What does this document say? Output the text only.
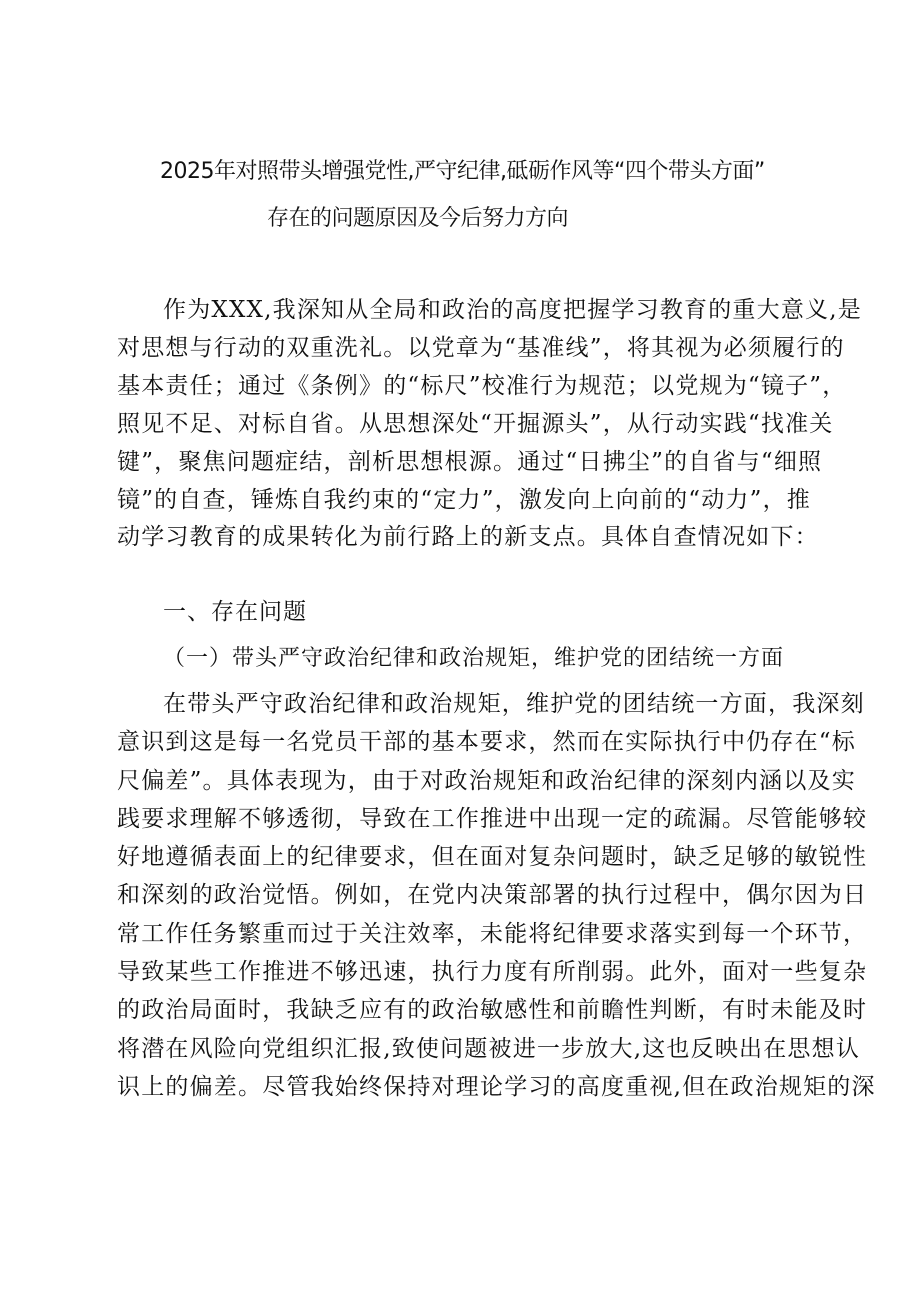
2025年对照带头增强党性,严守纪律,砥砺作风等“四个带头方面”
存在的问题原因及今后努力方向
作为XXX,我深知从全局和政治的高度把握学习教育的重大意义,是
对思想与行动的双重洗礼。以党章为“基准线”，将其视为必须履行的
基本责任；通过《条例》的“标尺”校准行为规范；以党规为“镜子”，
照见不足、对标自省。从思想深处“开掘源头”，从行动实践“找准关
键”，聚焦问题症结，剖析思想根源。通过“日拂尘”的自省与“细照
镜”的自查，锤炼自我约束的“定力”，激发向上向前的“动力”，推
动学习教育的成果转化为前行路上的新支点。具体自查情况如下：
一、存在问题
（一）带头严守政治纪律和政治规矩，维护党的团结统一方面
在带头严守政治纪律和政治规矩，维护党的团结统一方面，我深刻
意识到这是每一名党员干部的基本要求，然而在实际执行中仍存在“标
尺偏差”。具体表现为，由于对政治规矩和政治纪律的深刻内涵以及实
践要求理解不够透彻，导致在工作推进中出现一定的疏漏。尽管能够较
好地遵循表面上的纪律要求，但在面对复杂问题时，缺乏足够的敏锐性
和深刻的政治觉悟。例如，在党内决策部署的执行过程中，偶尔因为日
常工作任务繁重而过于关注效率，未能将纪律要求落实到每一个环节，
导致某些工作推进不够迅速，执行力度有所削弱。此外，面对一些复杂
的政治局面时，我缺乏应有的政治敏感性和前瞻性判断，有时未能及时
将潜在风险向党组织汇报,致使问题被进一步放大,这也反映出在思想认
识上的偏差。尽管我始终保持对理论学习的高度重视,但在政治规矩的深
